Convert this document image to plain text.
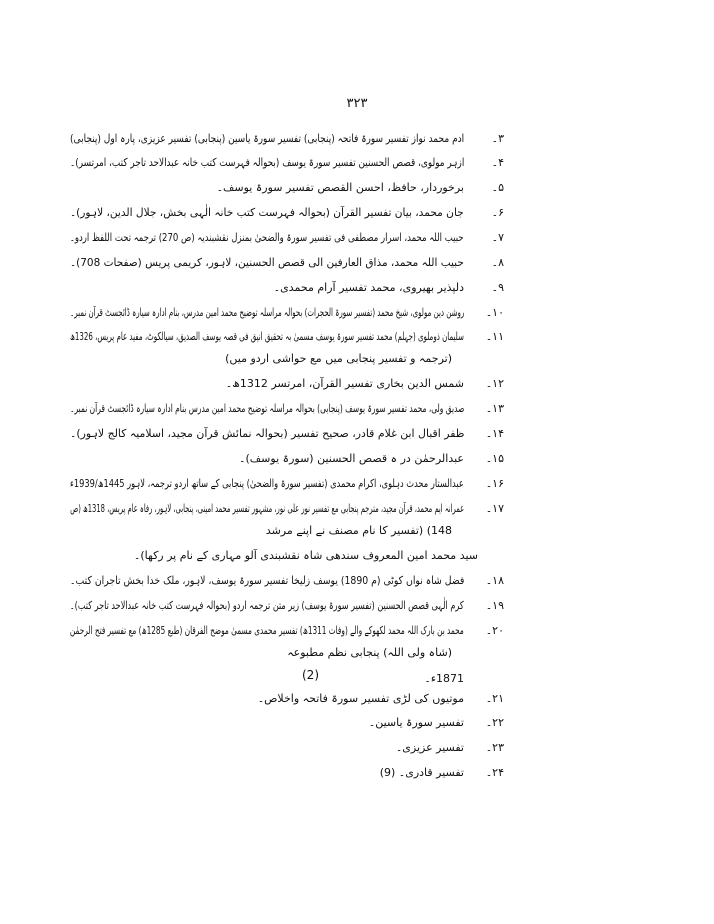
۳۲۳
۳۔
ادم محمد نواز تفسیر سورۃ فاتحہ (پنجابی) تفسیر سورۃ یاسین (پنجابی) تفسیر عزیزی، پارہ اول (پنجابی)
۴۔
ازہر مولوی، قصص الحسنین تفسیر سورۃ یوسف (بحوالہ فہرست کتب خانہ عبدالاحد تاجر کتب، امرتسر)۔
۵۔
برخوردار، حافظ، احسن القصص تفسیر سورۃ یوسف۔
۶۔
جان محمد، بیان تفسیر القرآن (بحوالہ فہرست کتب خانہ الٰہی بخش، جلال الدین، لاہور)۔
۷۔
حبیب اللہ محمد، اسرار مصطفی فی تفسیر سورۃ والضحیٰ بمنزل نقشبندیہ (ص 270) ترجمہ تحت اللفظ اردو۔
۸۔
حبیب اللہ محمد، مذاق العارفین الی قصص الحسنین، لاہور، کریمی پریس (صفحات 708)۔
۹۔
دلپذیر بھیروی، محمد تفسیر آرام محمدی۔
۱۰۔
روشن دین مولوی، شیخ محمد (تفسیر سورۃ الحجرات) بحوالہ مراسلہ توضیح محمد امین مدرس، بنام ادارہ سیارہ ڈائجسٹ قرآن نمبر۔
۱۱۔
سلیمان ذوملوی (جہلم) محمد تفسیر سورۃ یوسف مسمیٰ بہ تحقیق انیق فی قصہ یوسف الصدیق، سیالکوٹ، مفید عام پریس، 1326ھ
(ترجمہ و تفسیر پنجابی میں مع حواشی اردو میں)
۱۲۔
شمس الدین بخاری تفسیر القرآن، امرتسر 1312ھ۔
۱۳۔
صدیق ولی، محمد تفسیر سورۃ یوسف (پنجابی) بحوالہ مراسلہ توضیح محمد امین مدرس بنام ادارہ سیارہ ڈائجسٹ قرآن نمبر۔
۱۴۔
ظفر اقبال ابن غلام قادر، صحیح تفسیر (بحوالہ نمائش قرآن مجید، اسلامیہ کالج لاہور)۔
۱۵۔
عبدالرحمٰن در ہ قصص الحسنین (سورۃ یوسف)۔
۱۶۔
عبدالستار محدث دہلوی، اکرام محمدی (تفسیر سورۃ والضحیٰ) پنجابی کے ساتھ اردو ترجمہ، لاہور 1445ھ/1939ء
۱۷۔
عمرانہ ایم محمد، قرآن مجید، مترجم پنجابی مع تفسیر نور علی نور، مشہور تفسیر محمد امینی، پنجابی، لاہور، رفاہ عام پریس، 1318ھ (ص
148) (تفسیر کا نام مصنف نے اپنے مرشد
سید محمد امین المعروف سندھی شاہ نقشبندی آلو مہاری کے نام پر رکھا)۔
۱۸۔
فضل شاہ نواں کوٹی (م 1890) یوسف زلیخا تفسیر سورۃ یوسف، لاہور، ملک خدا بخش تاجران کتب۔
۱۹۔
کرم الٰہی قصص الحسنین (تفسیر سورۃ یوسف) زیر متن ترجمہ اردو (بحوالہ فہرست کتب خانہ عبدالاحد تاجر کتب)۔
۲۰۔
محمد بن بارک اللہ محمد لکھوکے والے (وفات 1311ھ) تفسیر محمدی مسمیٰ موضح الفرقان (طبع 1285ھ) مع تفسیر فتح الرحمٰن
(شاہ ولی اللہ) پنجابی نظم مطبوعہ
1871ء۔
(2)
۲۱۔
موتیوں کی لڑی تفسیر سورۃ فاتحہ واخلاص۔
۲۲۔
تفسیر سورۃ یاسین۔
۲۳۔
تفسیر عزیزی۔
۲۴۔
تفسیر قادری۔ (9)
